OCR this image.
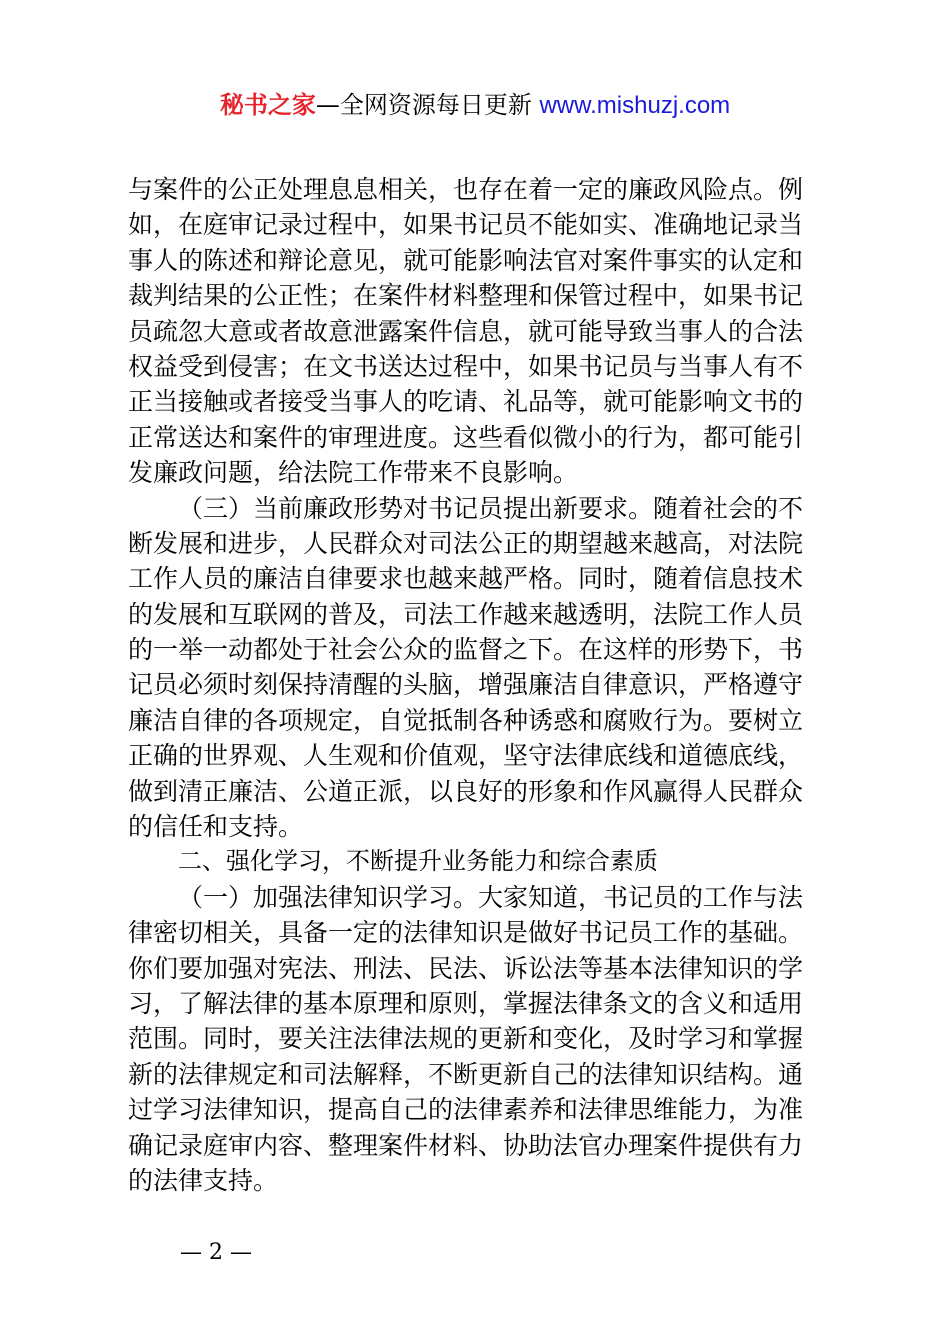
秘书之家—全网资源每日更新 www.mishuzj.com
与案件的公正处理息息相关，也存在着一定的廉政风险点。例
如，在庭审记录过程中，如果书记员不能如实、准确地记录当
事人的陈述和辩论意见，就可能影响法官对案件事实的认定和
裁判结果的公正性；在案件材料整理和保管过程中，如果书记
员疏忽大意或者故意泄露案件信息，就可能导致当事人的合法
权益受到侵害；在文书送达过程中，如果书记员与当事人有不
正当接触或者接受当事人的吃请、礼品等，就可能影响文书的
正常送达和案件的审理进度。这些看似微小的行为，都可能引
发廉政问题，给法院工作带来不良影响。
（三）当前廉政形势对书记员提出新要求。随着社会的不
断发展和进步，人民群众对司法公正的期望越来越高，对法院
工作人员的廉洁自律要求也越来越严格。同时，随着信息技术
的发展和互联网的普及，司法工作越来越透明，法院工作人员
的一举一动都处于社会公众的监督之下。在这样的形势下，书
记员必须时刻保持清醒的头脑，增强廉洁自律意识，严格遵守
廉洁自律的各项规定，自觉抵制各种诱惑和腐败行为。要树立
正确的世界观、人生观和价值观，坚守法律底线和道德底线，
做到清正廉洁、公道正派，以良好的形象和作风赢得人民群众
的信任和支持。
二、强化学习，不断提升业务能力和综合素质
（一）加强法律知识学习。大家知道，书记员的工作与法
律密切相关，具备一定的法律知识是做好书记员工作的基础。
你们要加强对宪法、刑法、民法、诉讼法等基本法律知识的学
习，了解法律的基本原理和原则，掌握法律条文的含义和适用
范围。同时，要关注法律法规的更新和变化，及时学习和掌握
新的法律规定和司法解释，不断更新自己的法律知识结构。通
过学习法律知识，提高自己的法律素养和法律思维能力，为准
确记录庭审内容、整理案件材料、协助法官办理案件提供有力
的法律支持。
— 2 —
